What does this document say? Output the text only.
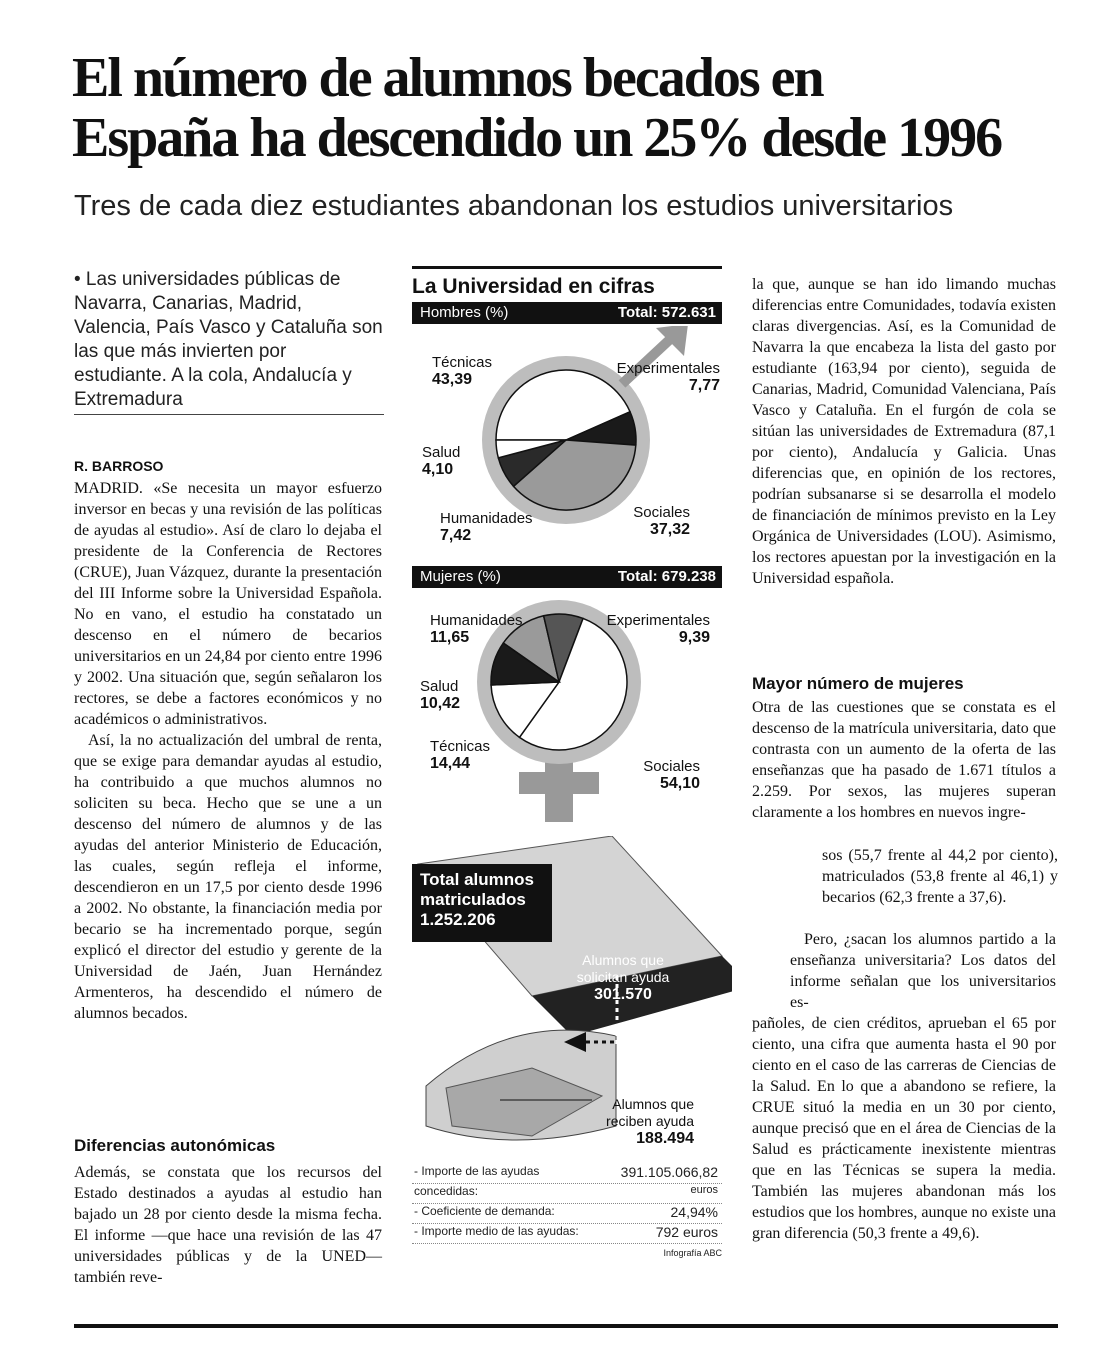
El número de alumnos becados en
España ha descendido un 25% desde 1996
Tres de cada diez estudiantes abandonan los estudios universitarios
• Las universidades públicas de Navarra, Canarias, Madrid, Valencia, País Vasco y Cataluña son las que más invierten por estudiante. A la cola, Andalucía y Extremadura
R. BARROSO

MADRID. «Se necesita un mayor esfuerzo inversor en becas y una revisión de las políticas de ayudas al estudio». Así de claro lo dejaba el presidente de la Conferencia de Rectores (CRUE), Juan Vázquez, durante la presentación del III Informe sobre la Universidad Española. No en vano, el estudio ha constatado un descenso en el número de becarios universitarios en un 24,84 por ciento entre 1996 y 2002. Una situación que, según señalaron los rectores, se debe a factores económicos y no académicos o administrativos.

Así, la no actualización del umbral de renta, que se exige para demandar ayudas al estudio, ha contribuido a que muchos alumnos no soliciten su beca. Hecho que se une a un descenso del número de alumnos y de las ayudas del anterior Ministerio de Educación, las cuales, según refleja el informe, descendieron en un 17,5 por ciento desde 1996 a 2002. No obstante, la financiación media por becario se ha incrementado porque, según explicó el director del estudio y gerente de la Universidad de Jaén, Juan Hernández Armenteros, ha descendido el número de alumnos becados.

Diferencias autonómicas

Además, se constata que los recursos del Estado destinados a ayudas al estudio han bajado un 28 por ciento desde la misma fecha. El informe —que hace una revisión de las 47 universidades públicas y de la UNED— también reve-

la que, aunque se han ido limando muchas diferencias entre Comunidades, todavía existen claras divergencias. Así, es la Comunidad de Navarra la que encabeza la lista del gasto por estudiante (163,94 por ciento), seguida de Canarias, Madrid, Comunidad Valenciana, País Vasco y Cataluña. En el furgón de cola se sitúan las universidades de Extremadura (87,1 por ciento), Andalucía y Galicia. Unas diferencias que, en opinión de los rectores, podrían subsanarse si se desarrolla el modelo de financiación de mínimos previsto en la Ley Orgánica de Universidades (LOU). Asimismo, los rectores apuestan por la investigación en la Universidad española.

Mayor número de mujeres

Otra de las cuestiones que se constata es el descenso de la matrícula universitaria, dato que contrasta con un aumento de la oferta de las enseñanzas que ha pasado de 1.671 títulos a 2.259. Por sexos, las mujeres superan claramente a los hombres en nuevos ingre-

sos (55,7 frente al 44,2 por ciento), matriculados (53,8 frente al 46,1) y becarios (62,3 frente a 37,6).

Pero, ¿sacan los alumnos partido a la enseñanza universitaria? Los datos del informe señalan que los universitarios es-

pañoles, de cien créditos, aprueban el 65 por ciento, una cifra que aumenta hasta el 90 por ciento en el caso de las carreras de Ciencias de la Salud. En lo que a abandono se refiere, la CRUE situó la media en un 30 por ciento, aunque precisó que en el área de Ciencias de la Salud es prácticamente inexistente mientras que en las Técnicas se supera la media. También las mujeres abandonan más los estudios que los hombres, aunque no existe una gran diferencia (50,3 frente a 49,6).

La Universidad en cifras
Hombres (%)	Total: 572.631
Técnicas
43,39
Experimentales
7,77
Salud
4,10
Humanidades
7,42
Sociales
37,32
Mujeres (%)	Total: 679.238
Humanidades
11,65
Experimentales
9,39
Salud
10,42
Técnicas
14,44	Sociales
54,10
Total alumnos matriculados 1.252.206
Alumnos que solicitan ayuda
301.570
Alumnos que reciben ayuda
188.494
- Importe de las ayudas	391.105.066,82
concedidas:	euros
- Coeficiente de demanda:	24,94%
- Importe medio de las ayudas:	792 euros
Infografía ABC
